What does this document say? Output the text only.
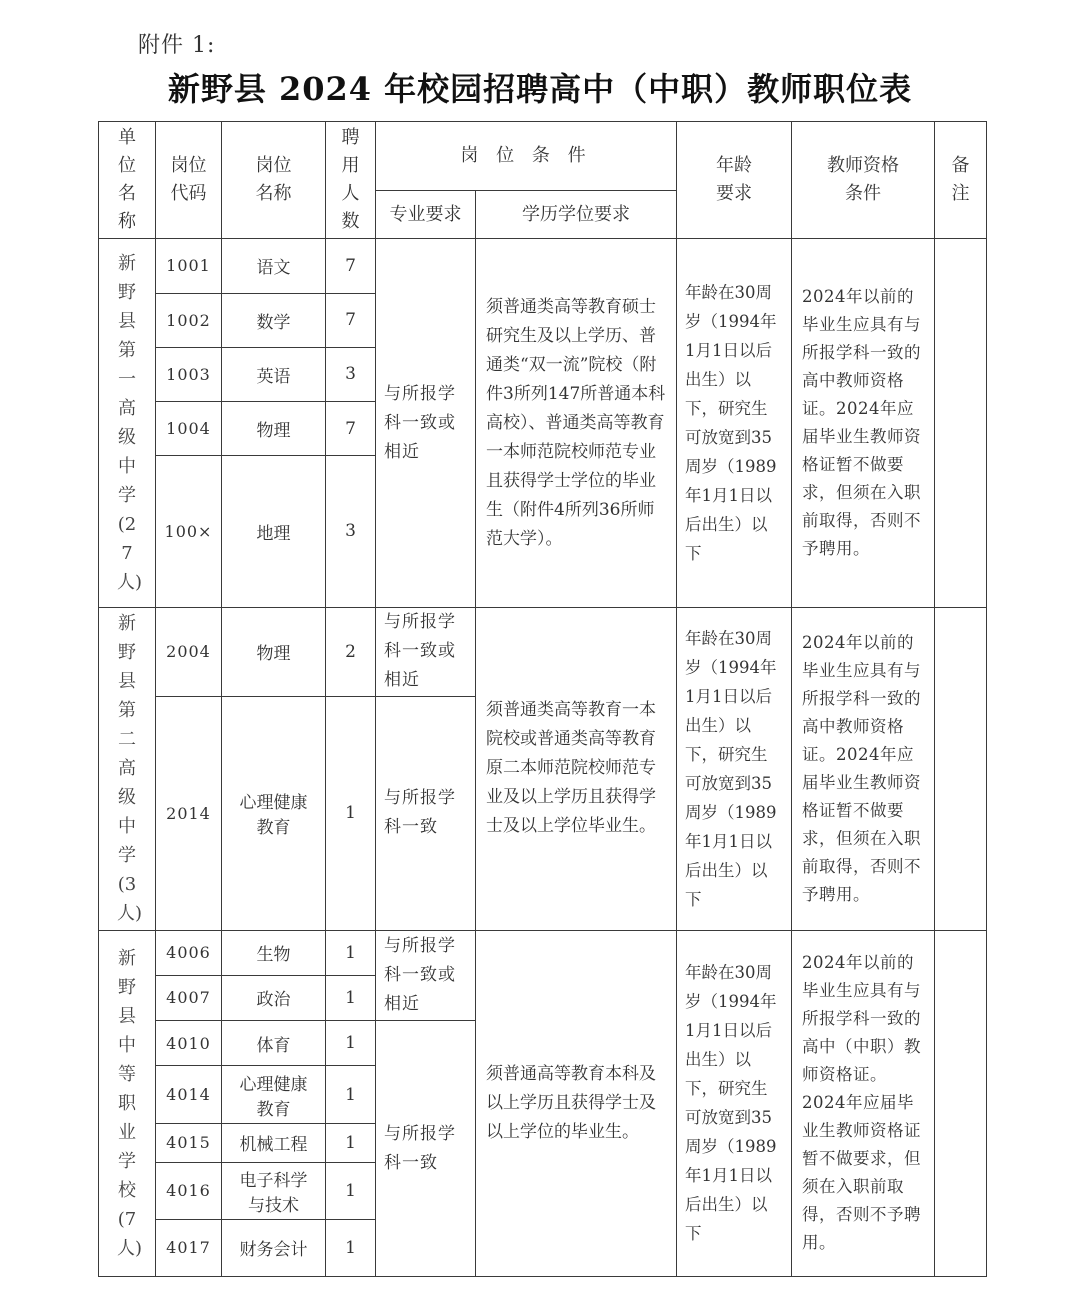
附件 1:
新野县 2024 年校园招聘高中（中职）教师职位表
单位名称	岗位代码	岗位名称	聘用人数	岗 位 条 件		年龄要求	教师资格条件	备注

				专业要求	学历学位要求			

新野县第一高级中学(27人)	1001	语文	7	与所报学科一致或相近	须普通类高等教育硕士研究生及以上学历、普通类“双一流”院校（附件3所列147所普通本科高校）、普通类高等教育一本师范院校师范专业且获得学士学位的毕业生（附件4所列36所师范大学）。	年龄在30周岁（1994年1月1日以后出生）以下，研究生可放宽到35周岁（1989年1月1日以后出生）以下	2024年以前的毕业生应具有与所报学科一致的高中教师资格证。2024年应届毕业生教师资格证暂不做要求，但须在入职前取得，否则不予聘用。	
	1002	数学	7					
	1003	英语	3					
	1004	物理	7					
	100×	地理	3					

新野县第二高级中学(3人)	2004	物理	2	与所报学科一致或相近	须普通类高等教育一本院校或普通类高等教育原二本师范院校师范专业及以上学历且获得学士及以上学位毕业生。	年龄在30周岁（1994年1月1日以后出生）以下，研究生可放宽到35周岁（1989年1月1日以后出生）以下	2024年以前的毕业生应具有与所报学科一致的高中教师资格证。2024年应届毕业生教师资格证暂不做要求，但须在入职前取得，否则不予聘用。	
	2014	心理健康教育	1	与所报学科一致				

新野县中等职业学校(7人)	4006	生物	1	与所报学科一致或相近	须普通高等教育本科及以上学历且获得学士及以上学位的毕业生。	年龄在30周岁（1994年1月1日以后出生）以下，研究生可放宽到35周岁（1989年1月1日以后出生）以下	2024年以前的毕业生应具有与所报学科一致的高中（中职）教师资格证。2024年应届毕业生教师资格证暂不做要求，但须在入职前取得，否则不予聘用。	
	4007	政治	1					
	4010	体育	1	与所报学科一致				
	4014	心理健康教育	1					
	4015	机械工程	1					
	4016	电子科学与技术	1					
	4017	财务会计	1					
